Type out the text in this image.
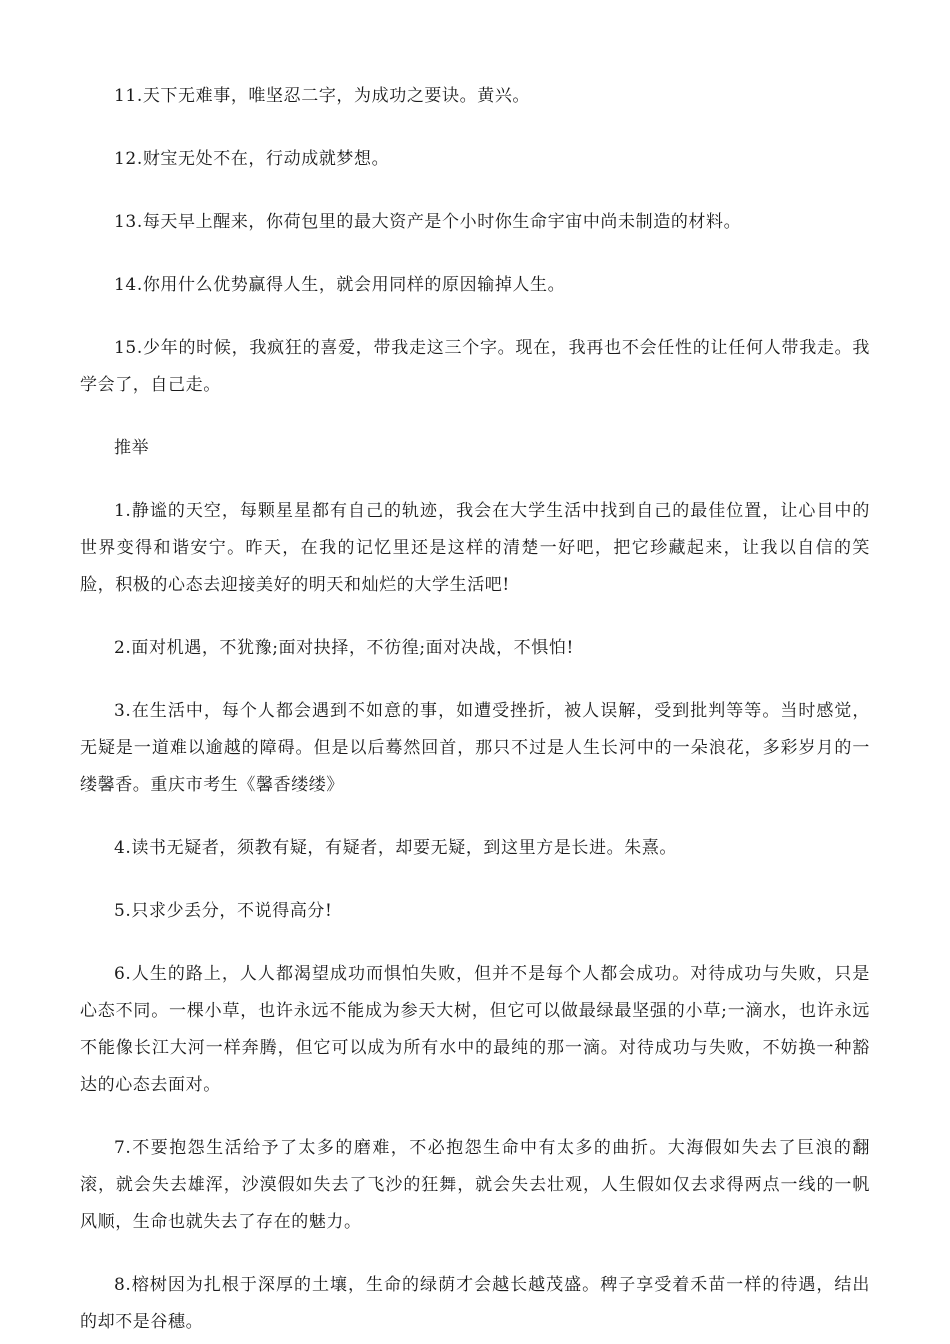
11.天下无难事，唯坚忍二字，为成功之要诀。黄兴。

12.财宝无处不在，行动成就梦想。

13.每天早上醒来，你荷包里的最大资产是个小时你生命宇宙中尚未制造的材料。

14.你用什么优势赢得人生，就会用同样的原因输掉人生。

15.少年的时候，我疯狂的喜爱，带我走这三个字。现在，我再也不会任性的让任何人带我走。我学会了，自己走。

推举

1.静谧的天空，每颗星星都有自己的轨迹，我会在大学生活中找到自己的最佳位置，让心目中的世界变得和谐安宁。昨天，在我的记忆里还是这样的清楚一好吧，把它珍藏起来，让我以自信的笑脸，积极的心态去迎接美好的明天和灿烂的大学生活吧!

2.面对机遇，不犹豫;面对抉择，不彷徨;面对决战，不惧怕!

3.在生活中，每个人都会遇到不如意的事，如遭受挫折，被人误解，受到批判等等。当时感觉，无疑是一道难以逾越的障碍。但是以后蓦然回首，那只不过是人生长河中的一朵浪花，多彩岁月的一缕馨香。重庆市考生《馨香缕缕》

4.读书无疑者，须教有疑，有疑者，却要无疑，到这里方是长进。朱熹。

5.只求少丢分，不说得高分!

6.人生的路上，人人都渴望成功而惧怕失败，但并不是每个人都会成功。对待成功与失败，只是心态不同。一棵小草，也许永远不能成为参天大树，但它可以做最绿最坚强的小草;一滴水，也许永远不能像长江大河一样奔腾，但它可以成为所有水中的最纯的那一滴。对待成功与失败，不妨换一种豁达的心态去面对。

7.不要抱怨生活给予了太多的磨难，不必抱怨生命中有太多的曲折。大海假如失去了巨浪的翻滚，就会失去雄浑，沙漠假如失去了飞沙的狂舞，就会失去壮观，人生假如仅去求得两点一线的一帆风顺，生命也就失去了存在的魅力。

8.榕树因为扎根于深厚的土壤，生命的绿荫才会越长越茂盛。稗子享受着禾苗一样的待遇，结出的却不是谷穗。
